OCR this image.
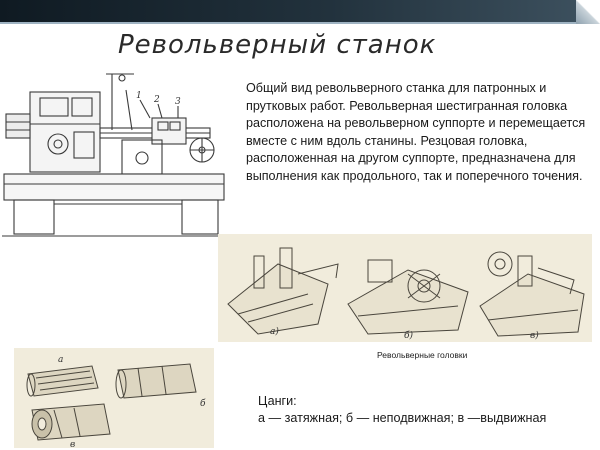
Револьверный станок

Общий вид револьверного станка для патронных и прутковых работ. Револьверная шестигранная головка расположена на револьверном суппорте и перемещается вместе с ним вдоль станины. Резцовая головка, расположенная на другом суппорте, предназначена для выполнения как продольного, так и поперечного точения.

1 2 3
а)	б)	в)
Револьверные головки
а
б
в
Цанги:
а — затяжная; б — неподвижная; в —выдвижная
